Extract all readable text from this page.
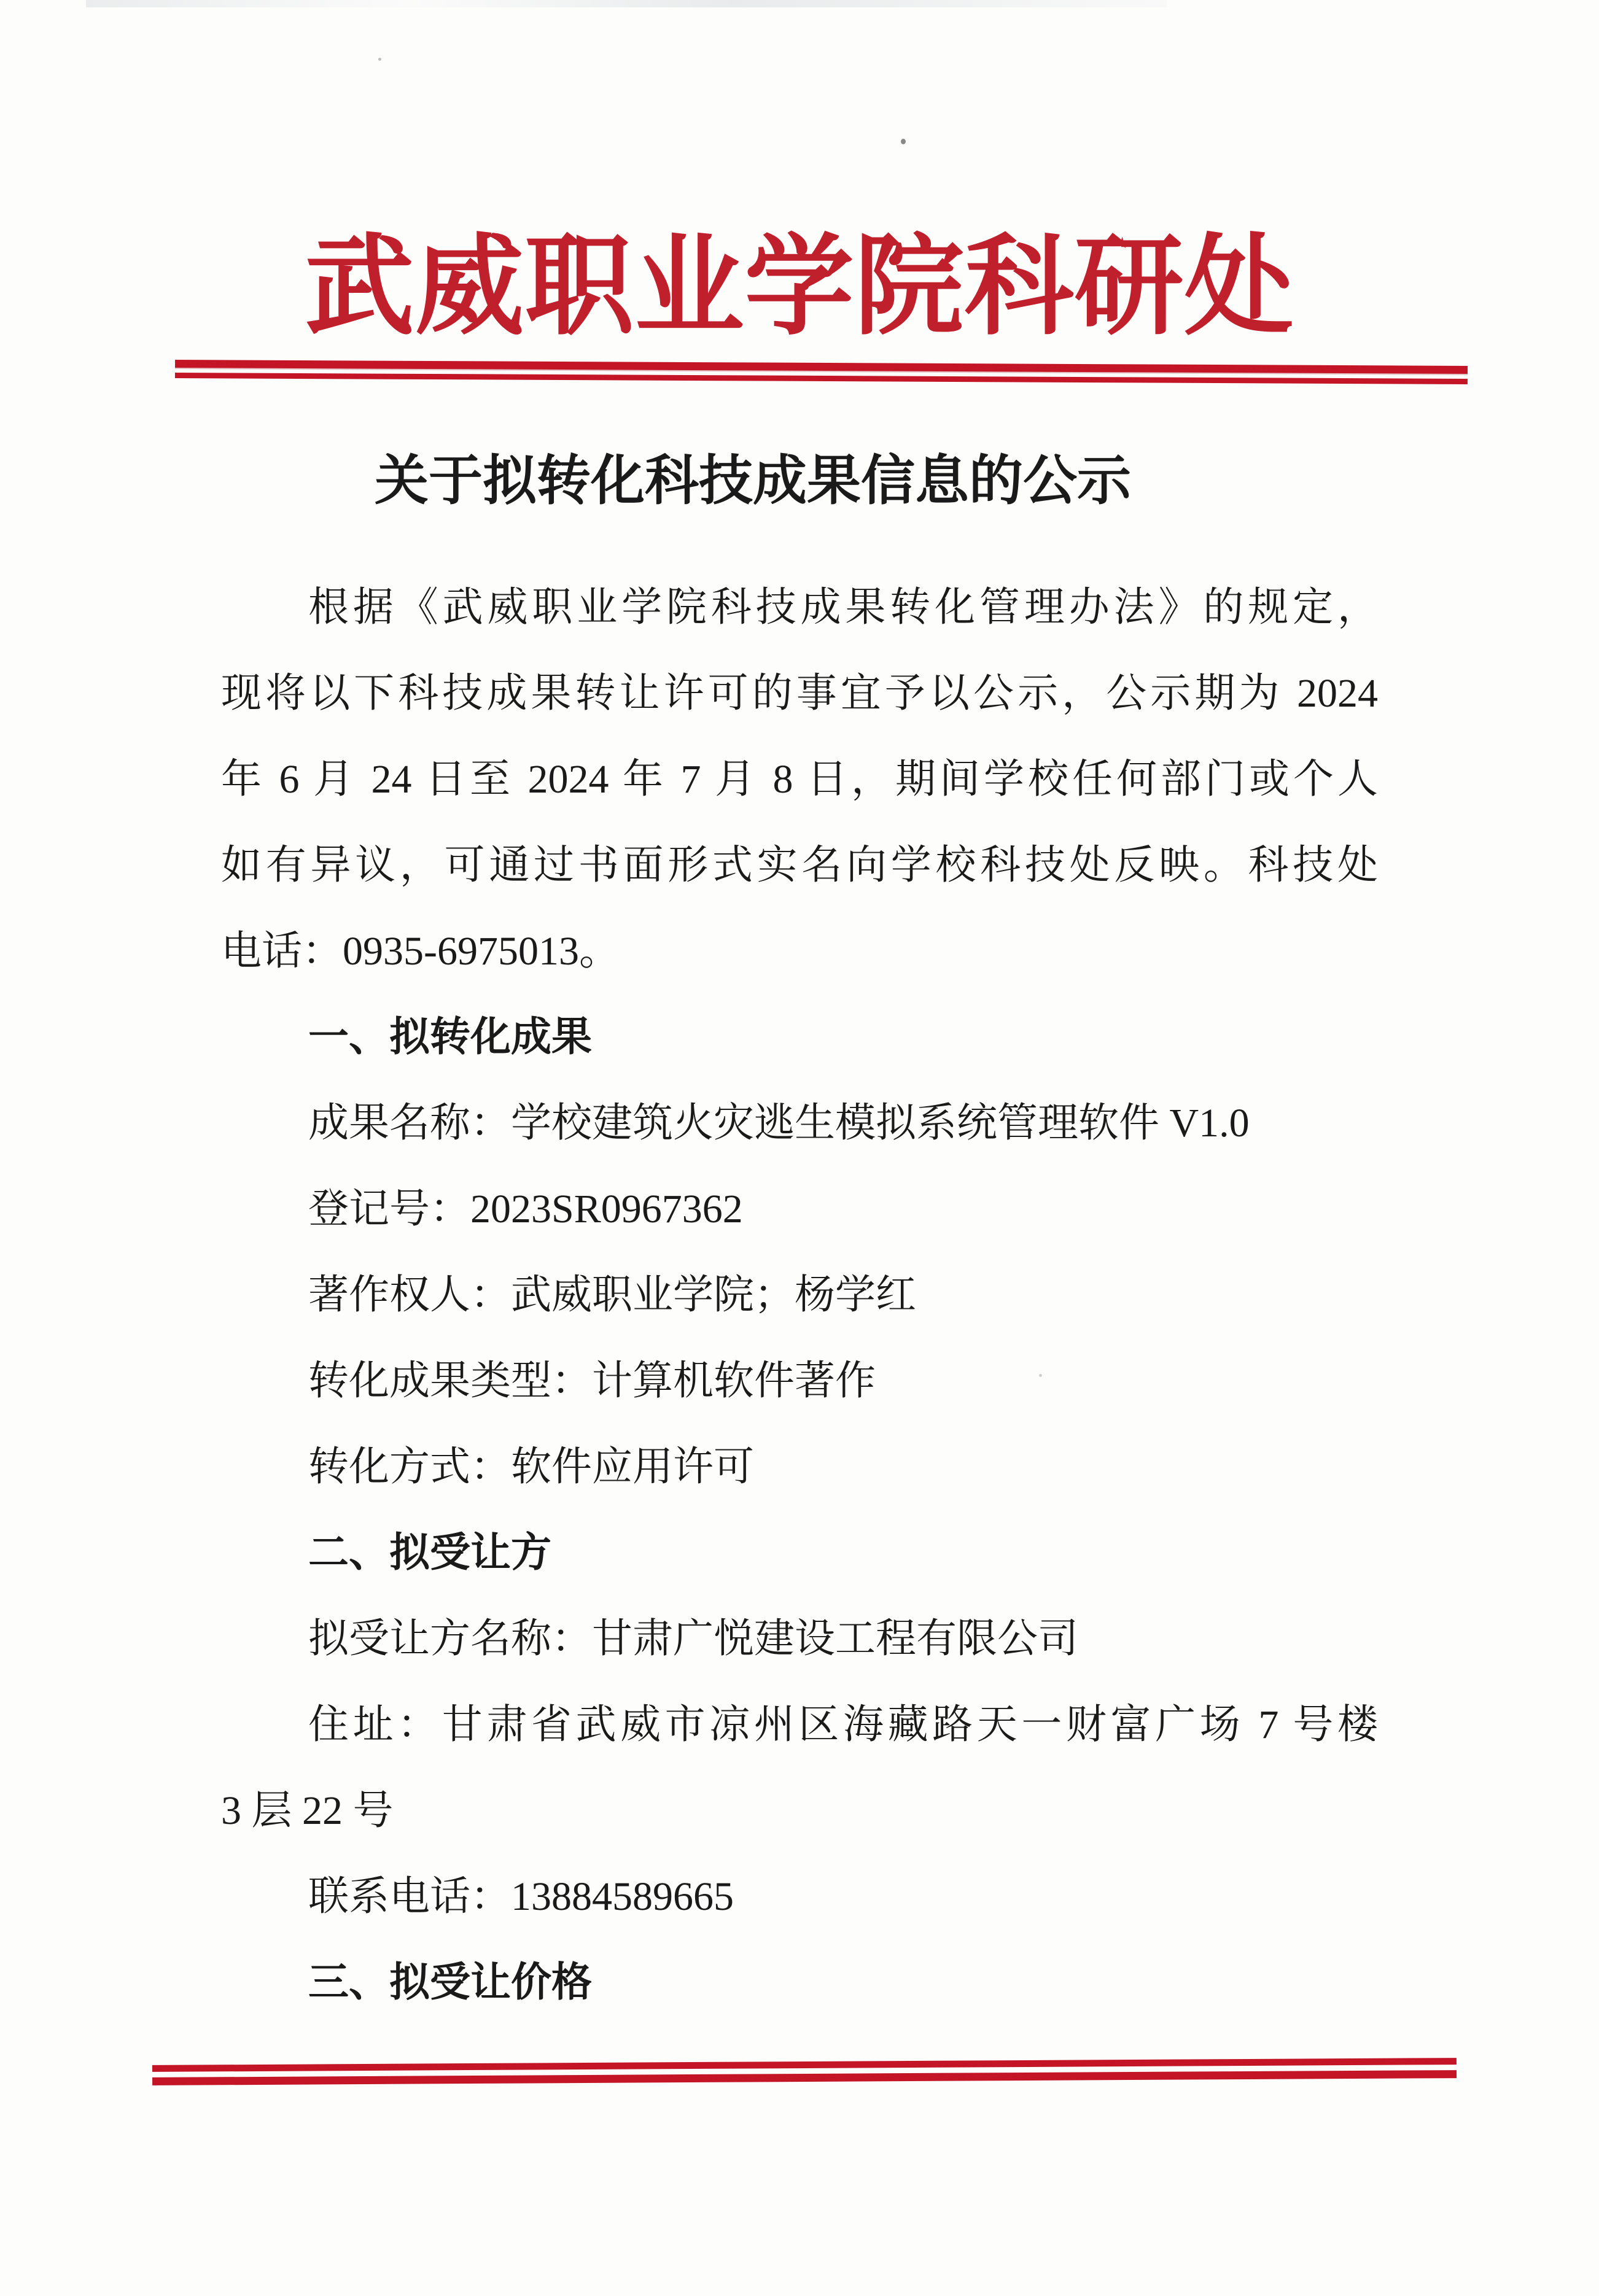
武威职业学院科研处
关于拟转化科技成果信息的公示
根据《武威职业学院科技成果转化管理办法》的规定，
现将以下科技成果转让许可的事宜予以公示，公示期为 2024
年 6 月 24 日至 2024 年 7 月 8 日，期间学校任何部门或个人
如有异议，可通过书面形式实名向学校科技处反映。科技处
电话：0935-6975013。
一、拟转化成果
成果名称：学校建筑火灾逃生模拟系统管理软件 V1.0
登记号：2023SR0967362
著作权人：武威职业学院；杨学红
转化成果类型：计算机软件著作
转化方式：软件应用许可
二、拟受让方
拟受让方名称：甘肃广悦建设工程有限公司
住址：甘肃省武威市凉州区海藏路天一财富广场 7 号楼
3 层 22 号
联系电话：13884589665
三、拟受让价格
